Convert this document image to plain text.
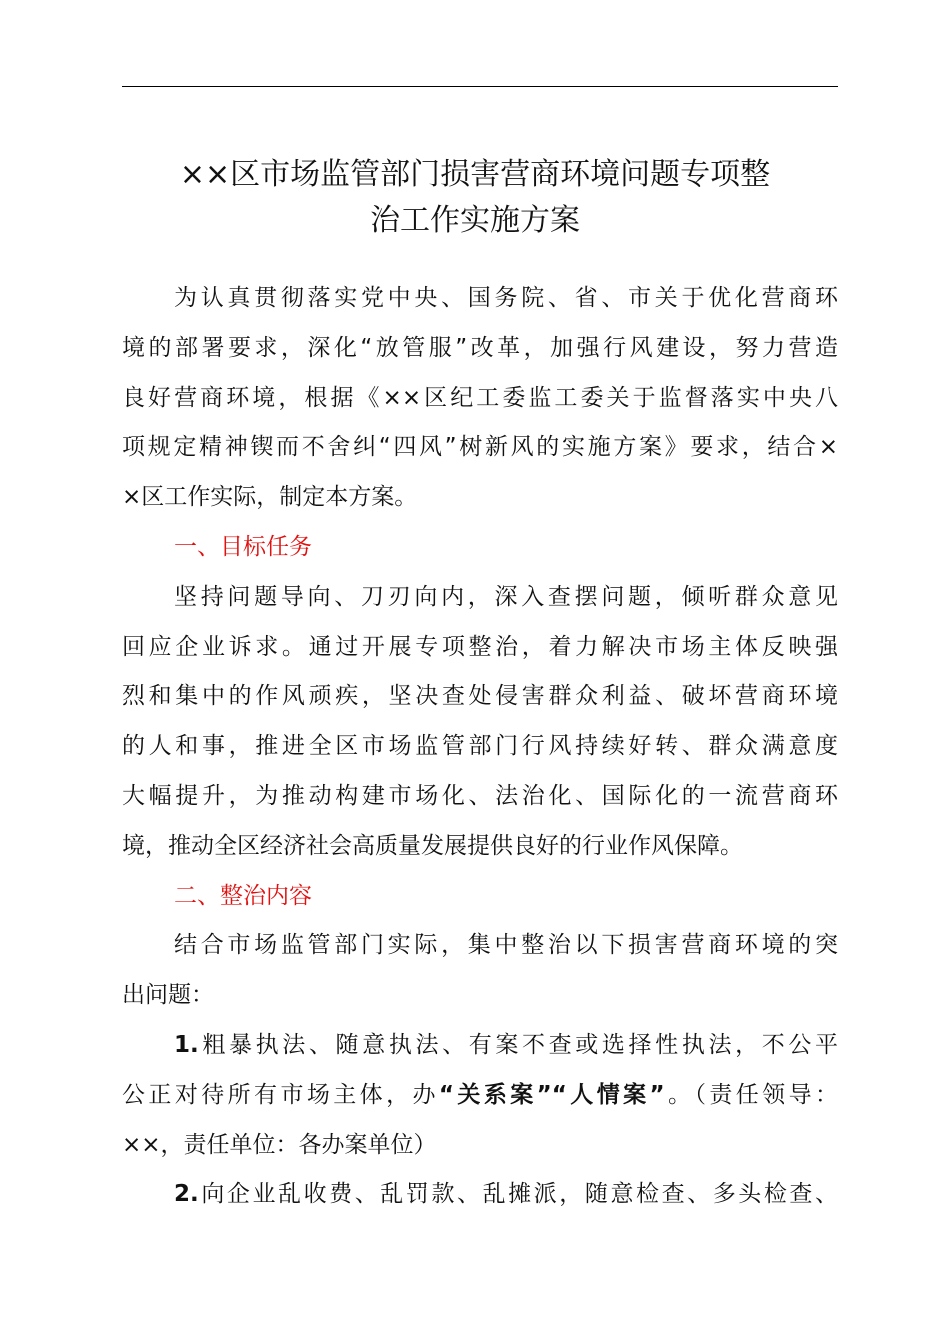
××区市场监管部门损害营商环境问题专项整
治工作实施方案
为认真贯彻落实党中央、国务院、省、市关于优化营商环
境的部署要求，深化“放管服”改革，加强行风建设，努力营造
良好营商环境，根据《××区纪工委监工委关于监督落实中央八
项规定精神锲而不舍纠“四风”树新风的实施方案》要求，结合×
×区工作实际，制定本方案。
一、目标任务
坚持问题导向、刀刃向内，深入查摆问题，倾听群众意见
回应企业诉求。通过开展专项整治，着力解决市场主体反映强
烈和集中的作风顽疾，坚决查处侵害群众利益、破坏营商环境
的人和事，推进全区市场监管部门行风持续好转、群众满意度
大幅提升，为推动构建市场化、法治化、国际化的一流营商环
境，推动全区经济社会高质量发展提供良好的行业作风保障。
二、整治内容
结合市场监管部门实际，集中整治以下损害营商环境的突
出问题：
1.粗暴执法、随意执法、有案不查或选择性执法，不公平
公正对待所有市场主体，办“关系案”“人情案”。（责任领导：
××，责任单位：各办案单位）
2.向企业乱收费、乱罚款、乱摊派，随意检查、多头检查、
